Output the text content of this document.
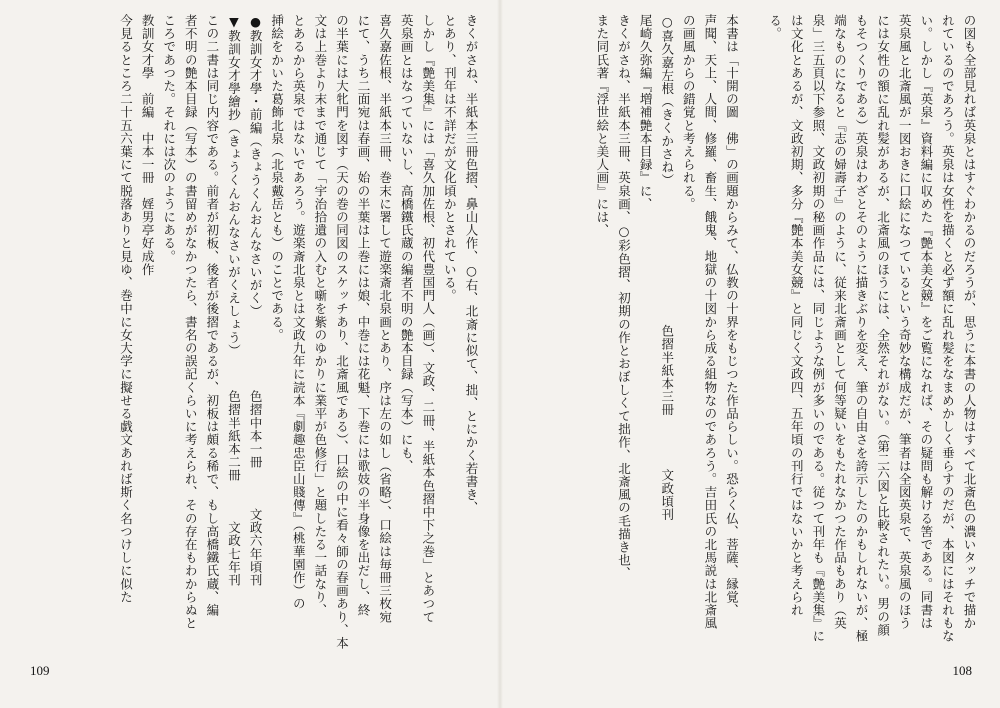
きくがさね、半紙本三冊色摺、鼻山人作、○右、北斎に似て、拙、とにかく若書き、
とあり、刊年は不詳だが文化頃かとされている。
しかし『艶美集』には「喜久加佐根、初代豊国門人（画）、文政、二冊、半紙本色摺中下之巻」とあつて
英泉画とはなつていないし、高橋鐵氏蔵の編者不明の艶本目録（写本）にも、
喜久嘉佐根、半紙本三冊、巻末に署して遊楽斎北泉画とあり、序は左の如し（省略）、口絵は毎冊三枚宛
にて、うち二面宛は春画、始の半葉は上巻には娘、中巻には花魁、下巻には歌妓の半身像を出だし、終
の半葉には大牝門を図す（天の巻の同図のスケッチあり、北斎風である）、口絵の中に看々師の春画あり、本
文は上巻より末まで通じて「宇治拾遺の入むと噺を紫のゆかりに業平が色修行」と題したる一話なり、
とあるから英泉ではないであろう。遊楽斎北泉とは文政九年に読本『劇趣忠臣山賤傳』（桃華園作）の
挿絵をかいた葛飾北泉（北泉戴岳とも）のことである。
●教訓女才學・前編（きょうくんおんなさいがく）　　　　　　色摺中本一冊　　　文政六年頃刊
▼教訓女才學繪抄（きょうくんおんなさいがくえしょう）　　　色摺半紙本二冊　　　文政七年刊
この二書は同じ内容である。前者が初板、後者が後摺であるが、初板は頗る稀で、もし高橋鐵氏蔵、編
者不明の艶本目録（写本）の書留めがなかつたら、書名の誤記くらいに考えられ、その存在もわからぬと
ころであつた。それには次のようにある。
教訓女才學　前編　中本一冊　婬男亭好成作
今見るところ二十五六葉にて脱落ありと見ゆ、巻中に女大学に擬せる戯文あれば斯く名つけしに似た
109
の図も全部見れば英泉とはすぐわかるのだろうが、思うに本書の人物はすべて北斎色の濃いタッチで描か
れているのであろう。英泉は女性を描くと必ず額に乱れ髪をなまめかしく垂らすのだが、本図にはそれもな
い。しかし『英泉』資料編に収めた『艶本美女競』をご覧になれば、その疑問も解ける筈である。同書は
英泉風と北斎風が一図おきに口絵になつているという奇妙な構成だが、筆者は全図英泉で、英泉風のほう
には女性の額に乱れ髪があるが、北斎風のほうには、全然それがない。（第二六図と比較されたい。男の顔
もそつくりである）英泉はわざとそのように描きぶりを変え、筆の自由さを誇示したのかもしれないが、極
端なものになると『志の婦壽子』のように、従来北斎画として何等疑いをもたれなかつた作品もあり（英
泉」三五頁以下参照、文政初期の秘画作品には、同じような例が多いのである。従つて刊年も『艶美集』に
は文化とあるが、文政初期、多分『艶本美女競』と同じく文政四、五年頃の刊行ではないかと考えられ
る。

本書は「十開の圖　佛」の画題からみて、仏教の十界をもじつた作品らしい。恐らく仏、菩薩、縁覚、
声聞、天上、人間、修羅、畜生、餓鬼、地獄の十図から成る組物なのであろう。吉田氏の北馬説は北斎風
の画風からの錯覚と考えられる。
○喜久嘉左根（きくかさね）　　　　　　　　　　　色摺半紙本三冊　　　　文政頃刊
尾崎久弥編『増補艶本目録』に、
きくがさね、半紙本三冊、英泉画、○彩色摺、初期の作とおぼしくて拙作、北斎風の毛描き也、
また同氏著『浮世絵と美人画』には、
108
